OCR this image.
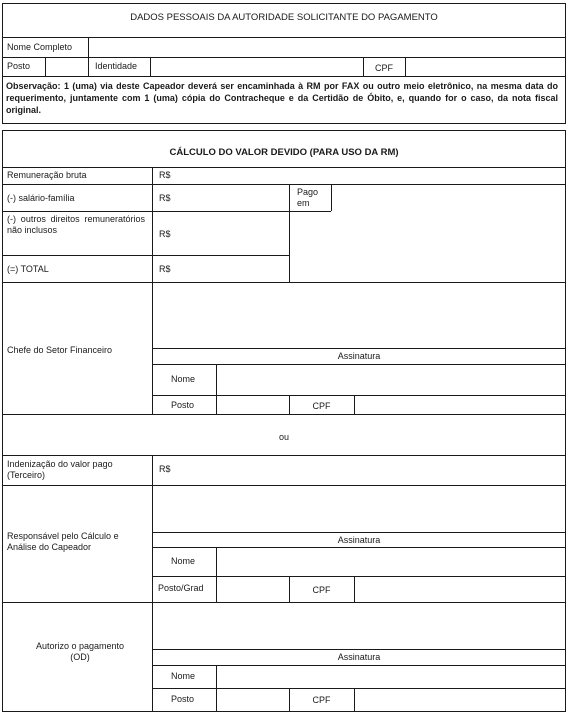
DADOS PESSOAIS DA AUTORIDADE SOLICITANTE DO PAGAMENTO
Nome Completo
Posto	Identidade	CPF
Observação: 1 (uma) via deste Capeador deverá ser encaminhada à RM por FAX ou outro meio eletrônico, na mesma data do requerimento, juntamente com 1 (uma) cópia do Contracheque e da Certidão de Óbito, e, quando for o caso, da nota fiscal original.
CÁLCULO DO VALOR DEVIDO (PARA USO DA RM)
Remuneração bruta	R$
(-) salário-família	R$
Pago em
(-) outros direitos remuneratórios não inclusos	R$
(=) TOTAL	R$
Chefe do Setor Financeiro
Assinatura
Nome
Posto	CPF
ou
Indenização do valor pago (Terceiro)
R$
Responsável pelo Cálculo e Análise do Capeador
Assinatura
Nome
Posto/Grad	CPF
Autorizo o pagamento (OD)	Assinatura
Nome
Posto	CPF
